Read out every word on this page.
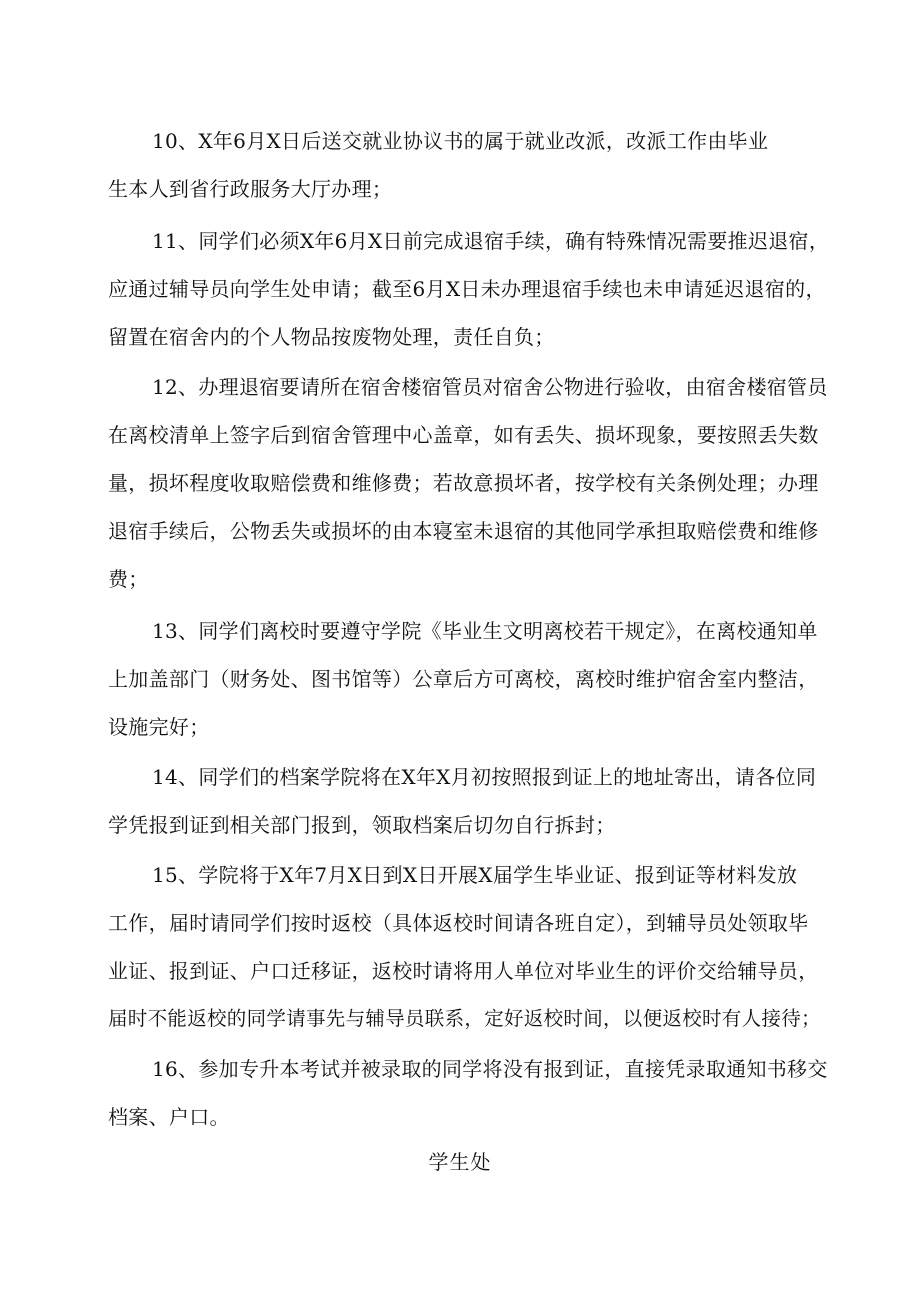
10、X年6月X日后送交就业协议书的属于就业改派，改派工作由毕业
生本人到省行政服务大厅办理；
11、同学们必须X年6月X日前完成退宿手续，确有特殊情况需要推迟退宿，
应通过辅导员向学生处申请；截至6月X日未办理退宿手续也未申请延迟退宿的，
留置在宿舍内的个人物品按废物处理，责任自负；
12、办理退宿要请所在宿舍楼宿管员对宿舍公物进行验收，由宿舍楼宿管员
在离校清单上签字后到宿舍管理中心盖章，如有丢失、损坏现象，要按照丢失数
量，损坏程度收取赔偿费和维修费；若故意损坏者，按学校有关条例处理；办理
退宿手续后，公物丢失或损坏的由本寝室未退宿的其他同学承担取赔偿费和维修
费；
13、同学们离校时要遵守学院《毕业生文明离校若干规定》，在离校通知单
上加盖部门（财务处、图书馆等）公章后方可离校，离校时维护宿舍室内整洁，
设施完好；
14、同学们的档案学院将在X年X月初按照报到证上的地址寄出，请各位同
学凭报到证到相关部门报到，领取档案后切勿自行拆封；
15、学院将于X年7月X日到X日开展X届学生毕业证、报到证等材料发放
工作，届时请同学们按时返校（具体返校时间请各班自定），到辅导员处领取毕
业证、报到证、户口迁移证，返校时请将用人单位对毕业生的评价交给辅导员，
届时不能返校的同学请事先与辅导员联系，定好返校时间，以便返校时有人接待；
16、参加专升本考试并被录取的同学将没有报到证，直接凭录取通知书移交
档案、户口。
学生处
